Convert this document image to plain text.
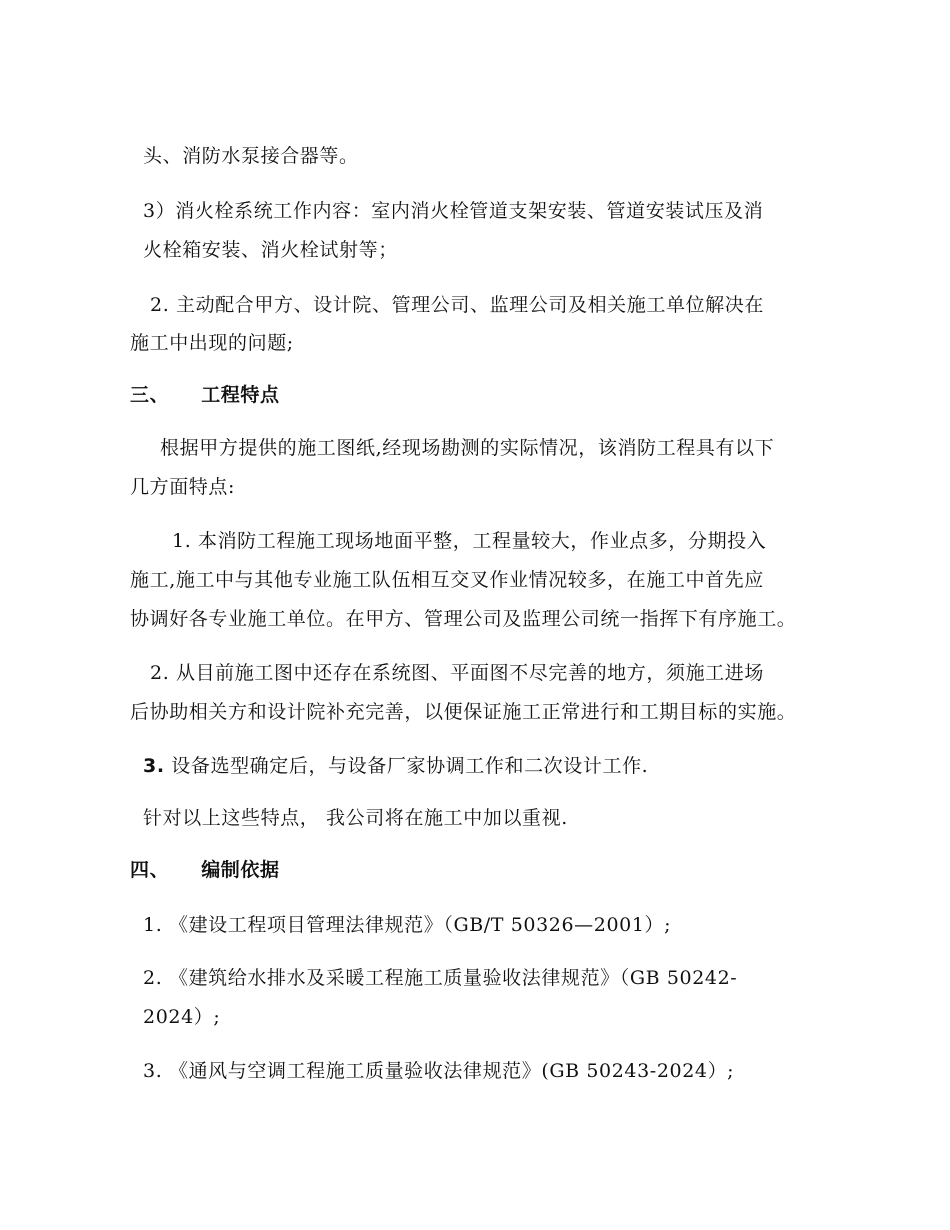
头、消防水泵接合器等。
3）消火栓系统工作内容：室内消火栓管道支架安装、管道安装试压及消
火栓箱安装、消火栓试射等；
2. 主动配合甲方、设计院、管理公司、监理公司及相关施工单位解决在
施工中出现的问题;
三、 工程特点
根据甲方提供的施工图纸,经现场勘测的实际情况，该消防工程具有以下
几方面特点:
1. 本消防工程施工现场地面平整，工程量较大，作业点多，分期投入
施工,施工中与其他专业施工队伍相互交叉作业情况较多，在施工中首先应
协调好各专业施工单位。在甲方、管理公司及监理公司统一指挥下有序施工。
2. 从目前施工图中还存在系统图、平面图不尽完善的地方，须施工进场
后协助相关方和设计院补充完善，以便保证施工正常进行和工期目标的实施。
3. 设备选型确定后，与设备厂家协调工作和二次设计工作.
针对以上这些特点， 我公司将在施工中加以重视.
四、 编制依据
1. 《建设工程项目管理法律规范》（GB/T 50326—2001）;
2. 《建筑给水排水及采暖工程施工质量验收法律规范》（GB 50242-
2024）;
3. 《通风与空调工程施工质量验收法律规范》(GB 50243-2024）;
